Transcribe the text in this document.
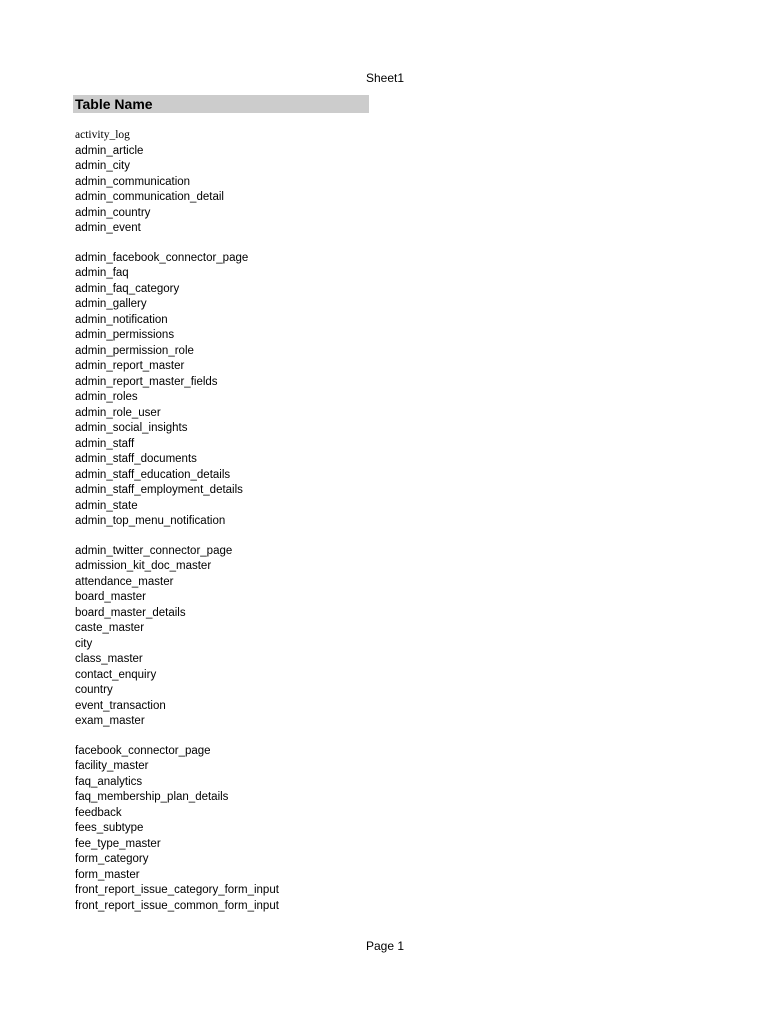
Sheet1
Table Name
activity_log
admin_article
admin_city
admin_communication
admin_communication_detail
admin_country
admin_event
admin_facebook_connector_page
admin_faq
admin_faq_category
admin_gallery
admin_notification
admin_permissions
admin_permission_role
admin_report_master
admin_report_master_fields
admin_roles
admin_role_user
admin_social_insights
admin_staff
admin_staff_documents
admin_staff_education_details
admin_staff_employment_details
admin_state
admin_top_menu_notification
admin_twitter_connector_page
admission_kit_doc_master
attendance_master
board_master
board_master_details
caste_master
city
class_master
contact_enquiry
country
event_transaction
exam_master
facebook_connector_page
facility_master
faq_analytics
faq_membership_plan_details
feedback
fees_subtype
fee_type_master
form_category
form_master
front_report_issue_category_form_input
front_report_issue_common_form_input
Page 1
